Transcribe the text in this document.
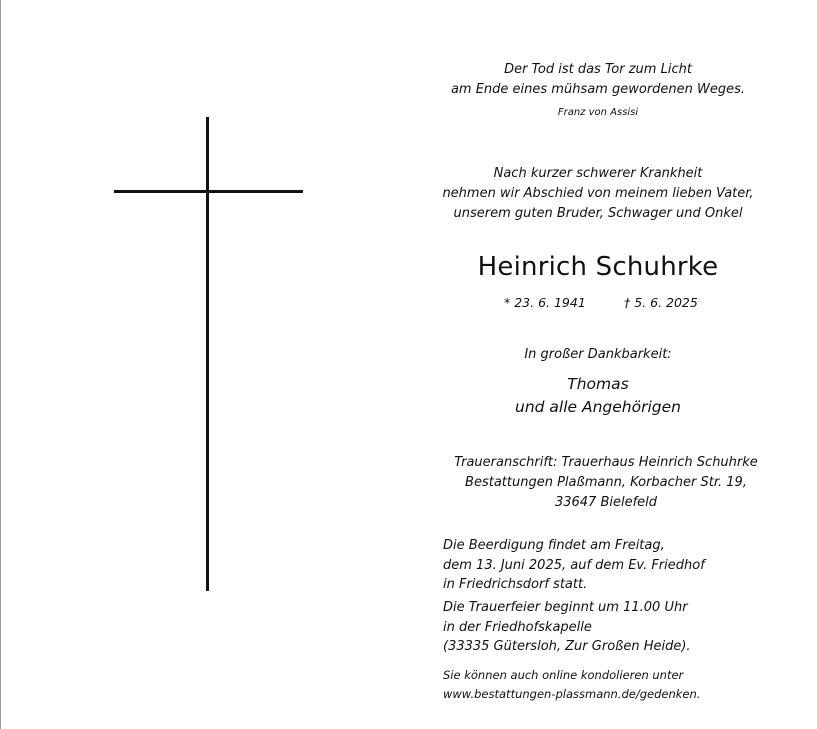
Der Tod ist das Tor zum Licht
am Ende eines mühsam gewordenen Weges.
Franz von Assisi
Nach kurzer schwerer Krankheit
nehmen wir Abschied von meinem lieben Vater,
unserem guten Bruder, Schwager und Onkel
Heinrich Schuhrke
* 23. 6. 1941	† 5. 6. 2025
In großer Dankbarkeit:
Thomas
und alle Angehörigen
Traueranschrift: Trauerhaus Heinrich Schuhrke
Bestattungen Plaßmann, Korbacher Str. 19,
33647 Bielefeld
Die Beerdigung findet am Freitag,
dem 13. Juni 2025, auf dem Ev. Friedhof
in Friedrichsdorf statt.
Die Trauerfeier beginnt um 11.00 Uhr
in der Friedhofskapelle
(33335 Gütersloh, Zur Großen Heide).
Sie können auch online kondolieren unter
www.bestattungen-plassmann.de/gedenken.
